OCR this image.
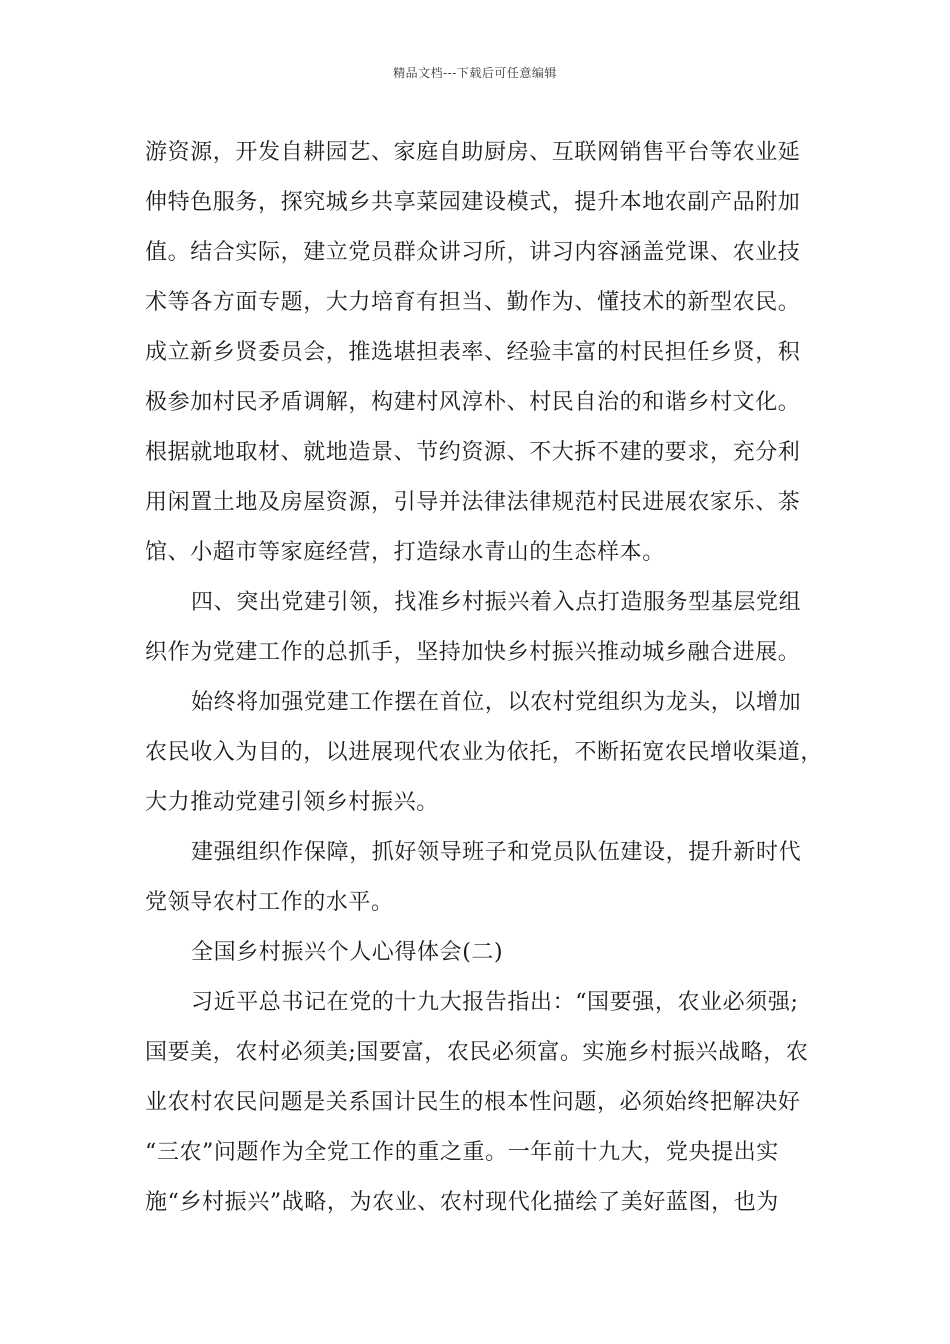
精品文档---下载后可任意编辑
游资源，开发自耕园艺、家庭自助厨房、互联网销售平台等农业延
伸特色服务，探究城乡共享菜园建设模式，提升本地农副产品附加
值。结合实际，建立党员群众讲习所，讲习内容涵盖党课、农业技
术等各方面专题，大力培育有担当、勤作为、懂技术的新型农民。
成立新乡贤委员会，推选堪担表率、经验丰富的村民担任乡贤，积
极参加村民矛盾调解，构建村风淳朴、村民自治的和谐乡村文化。
根据就地取材、就地造景、节约资源、不大拆不建的要求，充分利
用闲置土地及房屋资源，引导并法律法律规范村民进展农家乐、茶
馆、小超市等家庭经营，打造绿水青山的生态样本。
四、突出党建引领，找准乡村振兴着入点打造服务型基层党组
织作为党建工作的总抓手，坚持加快乡村振兴推动城乡融合进展。
始终将加强党建工作摆在首位，以农村党组织为龙头，以增加
农民收入为目的，以进展现代农业为依托，不断拓宽农民增收渠道，
大力推动党建引领乡村振兴。
建强组织作保障，抓好领导班子和党员队伍建设，提升新时代
党领导农村工作的水平。
全国乡村振兴个人心得体会(二)
习近平总书记在党的十九大报告指出：“国要强，农业必须强;
国要美，农村必须美;国要富，农民必须富。实施乡村振兴战略，农
业农村农民问题是关系国计民生的根本性问题，必须始终把解决好
“三农”问题作为全党工作的重之重。一年前十九大，党央提出实
施“乡村振兴”战略，为农业、农村现代化描绘了美好蓝图，也为
